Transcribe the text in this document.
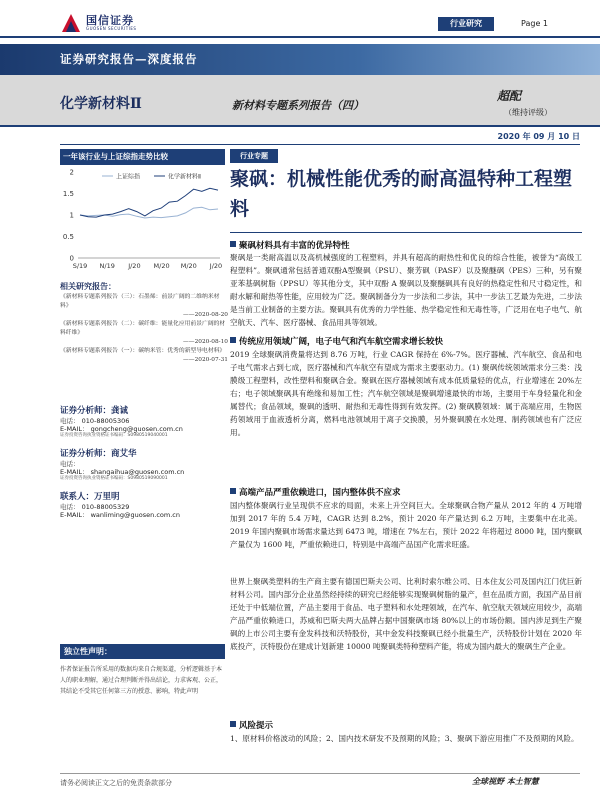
国信证券
GUOSEN SECURITIES
行业研究	Page 1
证券研究报告—深度报告
化学新材料Ⅱ	新材料专题系列报告（四）
超配
（维持评级）
2020 年 09 月 10 日
一年该行业与上证综指走势比较
2
1.5
1
0.5
0
S/19 N/19 J/20 M/20 M/20 J/20
上证综指	化学新材料Ⅱ
相关研究报告：
《新材料专题系列报告（三）：石墨烯：前景广阔的二维纳米材料》
——2020-08-20
《新材料专题系列报告（二）：碳纤维：能量化应用前景广阔的材料纤维》
——2020-08-10
《新材料专题系列报告（一）：碳纳米管：优秀的新型导电材料》
——2020-07-31
证券分析师：龚诚
电话： 010-88005306
E-MAIL： gongcheng@guosen.com.cn
证券投资咨询执业资格证书编码：S0980519040001
证券分析师：商艾华
电话：
E-MAIL： shangaihua@guosen.com.cn
证券投资咨询执业资格证书编码：S0980519090001
联系人：万里明
电话： 010-88005329
E-MAIL： wanliming@guosen.com.cn
独立性声明：
作者保证报告所采用的数据均来自合规渠道，分析逻辑基于本人的职业理解，通过合理判断并得出结论，力求客观、公正，其结论不受其它任何第三方的授意、影响，特此声明
行业专题
聚砜：机械性能优秀的耐高温特种工程塑料
聚砜材料具有丰富的优异特性
聚砜是一类耐高温以及高机械强度的工程塑料，并具有超高的耐热性和优良的综合性能，被誉为“高级工程塑料”。聚砜通常包括普通双酚A型聚砜（PSU）、聚芳砜（PASF）以及聚醚砜（PES）三种，另有聚亚苯基砜树脂（PPSU）等其他分支，其中双酚 A 聚砜以及聚醚砜具有良好的热稳定性和尺寸稳定性，和耐水解和耐热等性能，应用较为广泛。聚砜制备分为一步法和二步法，其中一步法工艺最为先进，二步法是当前工业制备的主要方法。聚砜具有优秀的力学性能、热学稳定性和无毒性等，广泛用在电子电气、航空航天、汽车、医疗器械、食品用具等领域。
传统应用领域广阔，电子电气和汽车航空需求增长较快
2019 全球聚砜消费量将达到 8.76 万吨，行业 CAGR 保持在 6%-7%。医疗器械、汽车航空、食品和电子电气需求占到七成，医疗器械和汽车航空有望成为需求主要驱动力。(1) 聚砜传统领域需求分三类：浅膜级工程塑料，改性塑料和聚砜合金。聚砜在医疗器械领域有成本低质量轻的优点，行业增速在 20%左右；电子领域聚砜具有绝缘和易加工性；汽车航空领域是聚砜增速最快的市场，主要用于车身轻量化和金属替代；食品领域，聚砜的透明、耐热和无毒性得到有效发挥。(2) 聚砜膜领域：属于高端应用，生物医药领域用于血液透析分离，燃料电池领域用于离子交换膜，另外聚砜膜在水处理、制药领域也有广泛应用。
高端产品严重依赖进口，国内整体供不应求
国内整体聚砜行业呈现供不应求的局面，未来上升空间巨大。全球聚砜合物产量从 2012 年的 4 万吨增加到 2017 年的 5.4 万吨，CAGR 达到 8.2%，预计 2020 年产量达到 6.2 万吨，主要集中在北美。2019 年国内聚砜市场需求量达到 6473 吨，增速在 7%左右，预计 2022 年将超过 8000 吨，国内聚砜产量仅为 1600 吨，严重依赖进口，特别是中高端产品国产化需求旺盛。
世界上聚砜类塑料的生产商主要有德国巴斯夫公司、比利时索尔维公司、日本住友公司及国内江门优巨新材料公司。国内部分企业虽然经持续的研究已经能够实现聚砜树脂的量产，但在品质方面，我国产品目前还处于中低端位置，产品主要用于食品、电子塑料和水处理领域，在汽车、航空航天领域应用较少，高端产品严重依赖进口，苏威和巴斯夫两大品牌占据中国聚砜市场 80%以上的市场份额。国内涉足到生产聚砜的上市公司主要有金发科技和沃特股份，其中金发科技聚砜已经小批量生产，沃特股份计划在 2020 年底投产，沃特股份在建成计划新建 10000 吨聚砜类特种塑料产能，将成为国内最大的聚砜生产企业。
风险提示
1、原材料价格波动的风险；2、国内技术研发不及预期的风险；3、聚砜下游应用推广不及预期的风险。
请务必阅读正文之后的免责条款部分	全球视野 本土智慧
